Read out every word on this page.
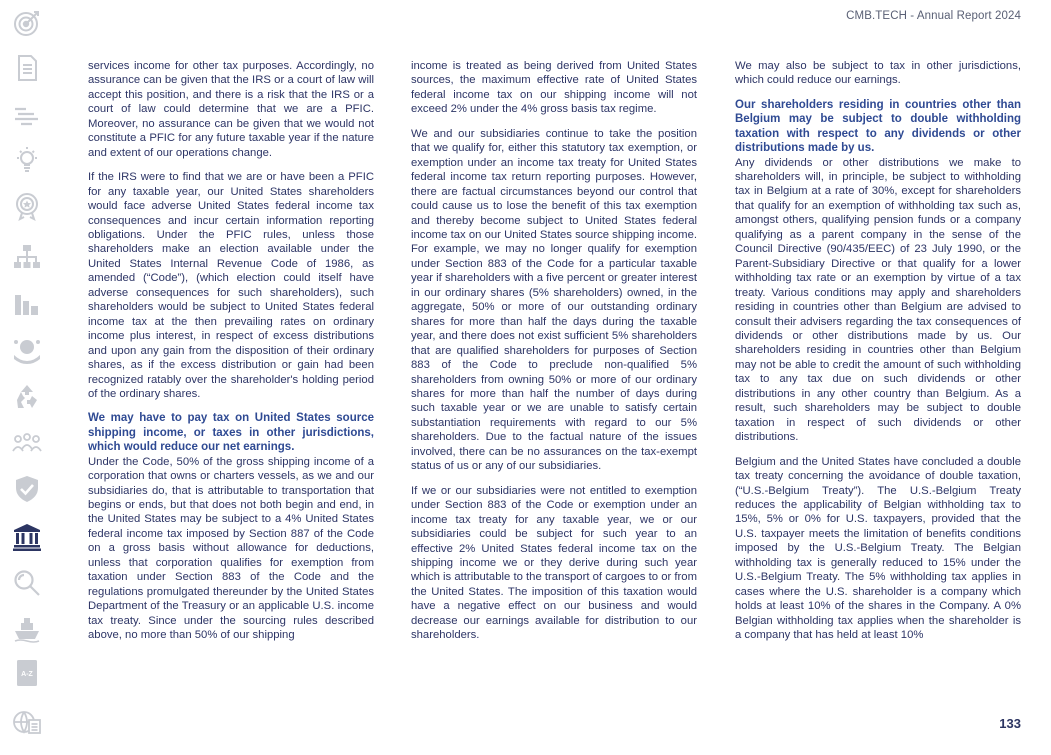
A-Z
CMB.TECH - Annual Report 2024

services income for other tax purposes. Accordingly, no assurance can be given that the IRS or a court of law will accept this position, and there is a risk that the IRS or a court of law could determine that we are a PFIC. Moreover, no assurance can be given that we would not constitute a PFIC for any future taxable year if the nature and extent of our operations change.

If the IRS were to find that we are or have been a PFIC for any taxable year, our United States shareholders would face adverse United States federal income tax consequences and incur certain information reporting obligations. Under the PFIC rules, unless those shareholders make an election available under the United States Internal Revenue Code of 1986, as amended (“Code”), (which election could itself have adverse consequences for such shareholders), such shareholders would be subject to United States federal income tax at the then prevailing rates on ordinary income plus interest, in respect of excess distributions and upon any gain from the disposition of their ordinary shares, as if the excess distribution or gain had been recognized ratably over the shareholder's holding period of the ordinary shares.

We may have to pay tax on United States source shipping income, or taxes in other jurisdictions, which would reduce our net earnings.

Under the Code, 50% of the gross shipping income of a corporation that owns or charters vessels, as we and our subsidiaries do, that is attributable to transportation that begins or ends, but that does not both begin and end, in the United States may be subject to a 4% United States federal income tax imposed by Section 887 of the Code on a gross basis without allowance for deductions, unless that corporation qualifies for exemption from taxation under Section 883 of the Code and the regulations promulgated thereunder by the United States Department of the Treasury or an applicable U.S. income tax treaty. Since under the sourcing rules described above, no more than 50% of our shipping

income is treated as being derived from United States sources, the maximum effective rate of United States federal income tax on our shipping income will not exceed 2% under the 4% gross basis tax regime.

We and our subsidiaries continue to take the position that we qualify for, either this statutory tax exemption, or exemption under an income tax treaty for United States federal income tax return reporting purposes. However, there are factual circumstances beyond our control that could cause us to lose the benefit of this tax exemption and thereby become subject to United States federal income tax on our United States source shipping income. For example, we may no longer qualify for exemption under Section 883 of the Code for a particular taxable year if shareholders with a five percent or greater interest in our ordinary shares (5% shareholders) owned, in the aggregate, 50% or more of our outstanding ordinary shares for more than half the days during the taxable year, and there does not exist sufficient 5% shareholders that are qualified shareholders for purposes of Section 883 of the Code to preclude non-qualified 5% shareholders from owning 50% or more of our ordinary shares for more than half the number of days during such taxable year or we are unable to satisfy certain substantiation requirements with regard to our 5% shareholders. Due to the factual nature of the issues involved, there can be no assurances on the tax-exempt status of us or any of our subsidiaries.

If we or our subsidiaries were not entitled to exemption under Section 883 of the Code or exemption under an income tax treaty for any taxable year, we or our subsidiaries could be subject for such year to an effective 2% United States federal income tax on the shipping income we or they derive during such year which is attributable to the transport of cargoes to or from the United States. The imposition of this taxation would have a negative effect on our business and would decrease our earnings available for distribution to our shareholders.

We may also be subject to tax in other jurisdictions, which could reduce our earnings.

Our shareholders residing in countries other than Belgium may be subject to double withholding taxation with respect to any dividends or other distributions made by us.

Any dividends or other distributions we make to shareholders will, in principle, be subject to withholding tax in Belgium at a rate of 30%, except for shareholders that qualify for an exemption of withholding tax such as, amongst others, qualifying pension funds or a company qualifying as a parent company in the sense of the Council Directive (90/435/EEC) of 23 July 1990, or the Parent-Subsidiary Directive or that qualify for a lower withholding tax rate or an exemption by virtue of a tax treaty. Various conditions may apply and shareholders residing in countries other than Belgium are advised to consult their advisers regarding the tax consequences of dividends or other distributions made by us. Our shareholders residing in countries other than Belgium may not be able to credit the amount of such withholding tax to any tax due on such dividends or other distributions in any other country than Belgium. As a result, such shareholders may be subject to double taxation in respect of such dividends or other distributions.

Belgium and the United States have concluded a double tax treaty concerning the avoidance of double taxation, (“U.S.-Belgium Treaty”). The U.S.-Belgium Treaty reduces the applicability of Belgian withholding tax to 15%, 5% or 0% for U.S. taxpayers, provided that the U.S. taxpayer meets the limitation of benefits conditions imposed by the U.S.-Belgium Treaty. The Belgian withholding tax is generally reduced to 15% under the U.S.-Belgium Treaty. The 5% withholding tax applies in cases where the U.S. shareholder is a company which holds at least 10% of the shares in the Company. A 0% Belgian withholding tax applies when the shareholder is a company that has held at least 10%

133
